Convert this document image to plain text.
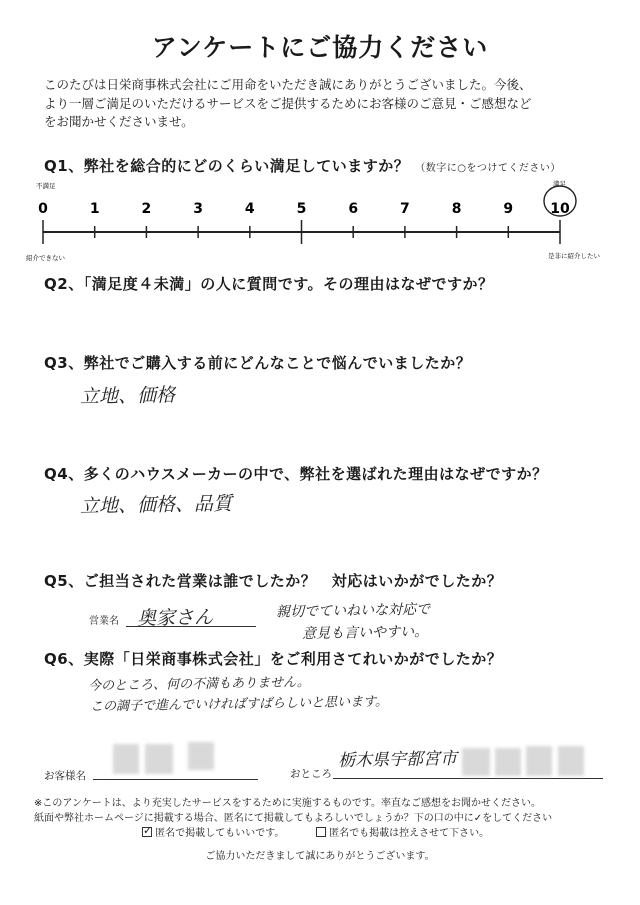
アンケートにご協力ください
このたびは日栄商事株式会社にご用命をいただき誠にありがとうございました。今後、
より一層ご満足のいただけるサービスをご提供するためにお客様のご意見・ご感想など
をお聞かせくださいませ。
Q1、弊社を総合的にどのくらい満足していますか？ （数字に○をつけてください）
0	1	2	3	4	5	6	7	8	9	10
不満足
紹介できない
満足
是非に紹介したい
Q2、「満足度４未満」の人に質問です。その理由はなぜですか？
Q3、弊社でご購入する前にどんなことで悩んでいましたか？
立地、価格
Q4、多くのハウスメーカーの中で、弊社を選ばれた理由はなぜですか？
立地、価格、品質
Q5、ご担当された営業は誰でしたか？　対応はいかがでしたか？
営業名 奥家さん	親切でていねいな対応で
意見も言いやすい。
Q6、実際「日栄商事株式会社」をご利用さてれいかがでしたか？
今のところ、何の不満もありません。
この調子で進んでいければすばらしいと思います。
お客様名	おところ
栃木県宇都宮市
※このアンケートは、より充実したサービスをするために実施するものです。率直なご感想をお聞かせください。
紙面や弊社ホームページに掲載する場合、匿名にて掲載してもよろしいでしょうか？下の口の中に✓をしてください
✓ 匿名で掲載してもいいです。	匿名でも掲載は控えさせて下さい。
ご協力いただきまして誠にありがとうございます。
